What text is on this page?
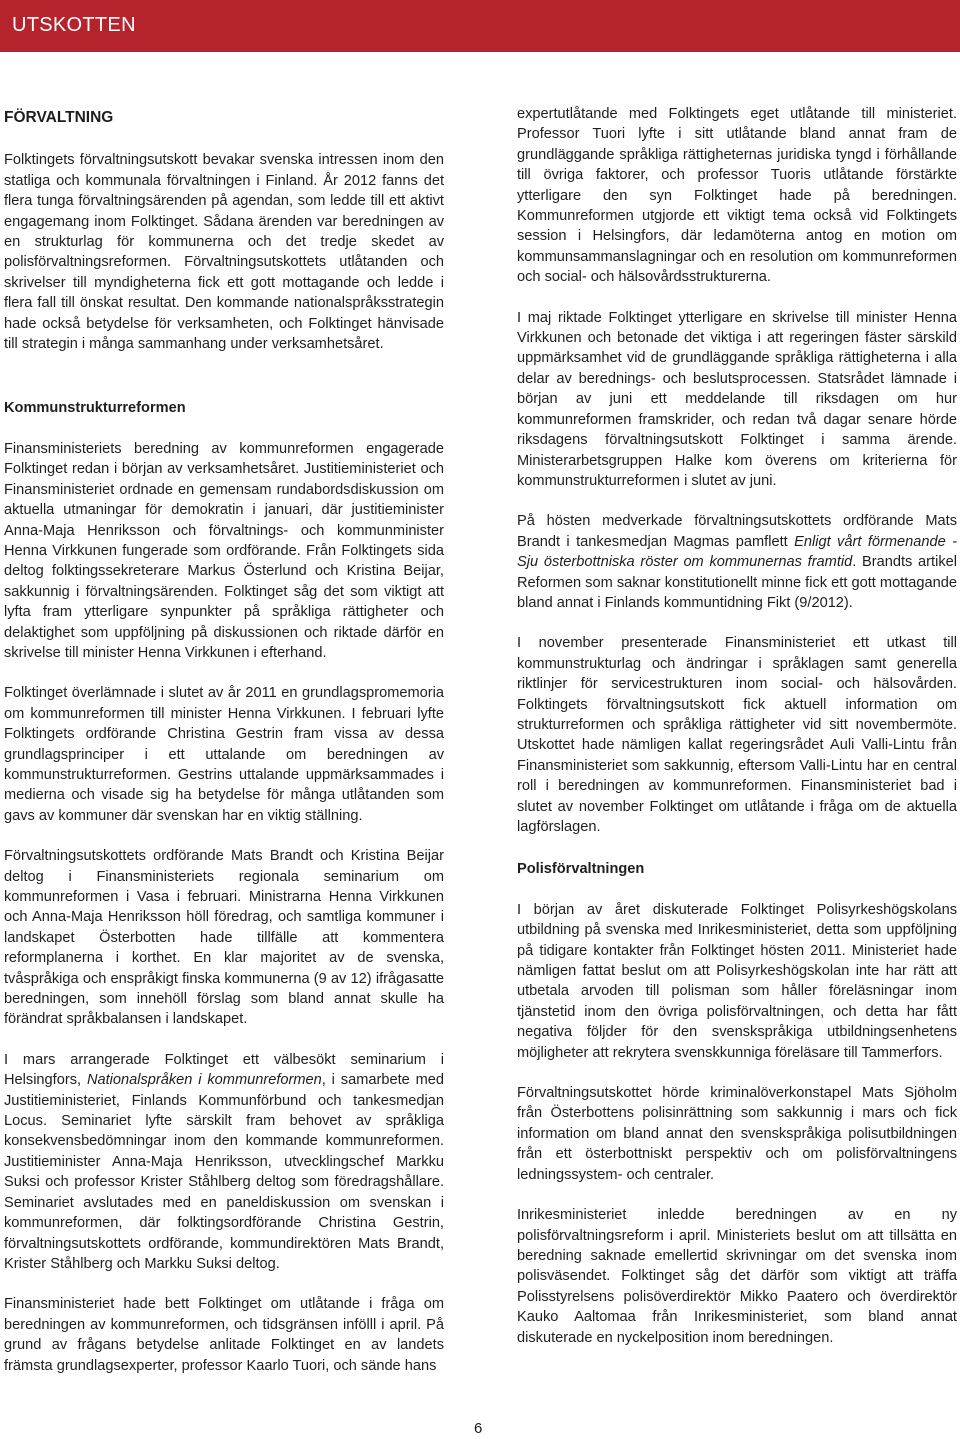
UTSKOTTEN
FÖRVALTNING

Folktingets förvaltningsutskott bevakar svenska intressen inom den statliga och kommunala förvaltningen i Finland. År 2012 fanns det flera tunga förvaltningsärenden på agendan, som ledde till ett aktivt engagemang inom Folktinget. Sådana ärenden var beredningen av en strukturlag för kommunerna och det tredje skedet av polisförvaltningsreformen. Förvaltningsutskottets utlåtanden och skrivelser till myndigheterna fick ett gott mottagande och ledde i flera fall till önskat resultat. Den kommande nationalspråksstrategin hade också betydelse för verksamheten, och Folktinget hänvisade till strategin i många sammanhang under verksamhetsåret.

Kommunstrukturreformen

Finansministeriets beredning av kommunreformen engagerade Folktinget redan i början av verksamhetsåret. Justitieministeriet och Finansministeriet ordnade en gemensam rundabordsdiskussion om aktuella utmaningar för demokratin i januari, där justitieminister Anna-Maja Henriksson och förvaltnings- och kommunminister Henna Virkkunen fungerade som ordförande. Från Folktingets sida deltog folktingssekreterare Markus Österlund och Kristina Beijar, sakkunnig i förvaltningsärenden. Folktinget såg det som viktigt att lyfta fram ytterligare synpunkter på språkliga rättigheter och delaktighet som uppföljning på diskussionen och riktade därför en skrivelse till minister Henna Virkkunen i efterhand.

Folktinget överlämnade i slutet av år 2011 en grundlagspromemoria om kommunreformen till minister Henna Virkkunen. I februari lyfte Folktingets ordförande Christina Gestrin fram vissa av dessa grundlagsprinciper i ett uttalande om beredningen av kommunstrukturreformen. Gestrins uttalande uppmärksammades i medierna och visade sig ha betydelse för många utlåtanden som gavs av kommuner där svenskan har en viktig ställning.

Förvaltningsutskottets ordförande Mats Brandt och Kristina Beijar deltog i Finansministeriets regionala seminarium om kommunreformen i Vasa i februari. Ministrarna Henna Virkkunen och Anna-Maja Henriksson höll föredrag, och samtliga kommuner i landskapet Österbotten hade tillfälle att kommentera reformplanerna i korthet. En klar majoritet av de svenska, tvåspråkiga och enspråkigt finska kommunerna (9 av 12) ifrågasatte beredningen, som innehöll förslag som bland annat skulle ha förändrat språkbalansen i landskapet.

I mars arrangerade Folktinget ett välbesökt seminarium i Helsingfors, Nationalspråken i kommunreformen, i samarbete med Justitieministeriet, Finlands Kommunförbund och tankesmedjan Locus. Seminariet lyfte särskilt fram behovet av språkliga konsekvensbedömningar inom den kommande kommunreformen. Justitieminister Anna-Maja Henriksson, utvecklingschef Markku Suksi och professor Krister Ståhlberg deltog som föredragshållare. Seminariet avslutades med en paneldiskussion om svenskan i kommunreformen, där folktingsordförande Christina Gestrin, förvaltningsutskottets ordförande, kommundirektören Mats Brandt, Krister Ståhlberg och Markku Suksi deltog.

Finansministeriet hade bett Folktinget om utlåtande i fråga om beredningen av kommunreformen, och tidsgränsen infölll i april. På grund av frågans betydelse anlitade Folktinget en av landets främsta grundlagsexperter, professor Kaarlo Tuori, och sände hans

expertutlåtande med Folktingets eget utlåtande till ministeriet. Professor Tuori lyfte i sitt utlåtande bland annat fram de grundläggande språkliga rättigheternas juridiska tyngd i förhållande till övriga faktorer, och professor Tuoris utlåtande förstärkte ytterligare den syn Folktinget hade på beredningen. Kommunreformen utgjorde ett viktigt tema också vid Folktingets session i Helsingfors, där ledamöterna antog en motion om kommunsammanslagningar och en resolution om kommunreformen och social- och hälsovårdsstrukturerna.

I maj riktade Folktinget ytterligare en skrivelse till minister Henna Virkkunen och betonade det viktiga i att regeringen fäster särskild uppmärksamhet vid de grundläggande språkliga rättigheterna i alla delar av berednings- och beslutsprocessen. Statsrådet lämnade i början av juni ett meddelande till riksdagen om hur kommunreformen framskrider, och redan två dagar senare hörde riksdagens förvaltningsutskott Folktinget i samma ärende. Ministerarbetsgruppen Halke kom överens om kriterierna för kommunstrukturreformen i slutet av juni.

På hösten medverkade förvaltningsutskottets ordförande Mats Brandt i tankesmedjan Magmas pamflett Enligt vårt förmenande - Sju österbottniska röster om kommunernas framtid. Brandts artikel Reformen som saknar konstitutionellt minne fick ett gott mottagande bland annat i Finlands kommuntidning Fikt (9/2012).

I november presenterade Finansministeriet ett utkast till kommunstrukturlag och ändringar i språklagen samt generella riktlinjer för servicestrukturen inom social- och hälsovården. Folktingets förvaltningsutskott fick aktuell information om strukturreformen och språkliga rättigheter vid sitt novembermöte. Utskottet hade nämligen kallat regeringsrådet Auli Valli-Lintu från Finansministeriet som sakkunnig, eftersom Valli-Lintu har en central roll i beredningen av kommunreformen. Finansministeriet bad i slutet av november Folktinget om utlåtande i fråga om de aktuella lagförslagen.

Polisförvaltningen

I början av året diskuterade Folktinget Polisyrkeshögskolans utbildning på svenska med Inrikesministeriet, detta som uppföljning på tidigare kontakter från Folktinget hösten 2011. Ministeriet hade nämligen fattat beslut om att Polisyrkeshögskolan inte har rätt att utbetala arvoden till polisman som håller föreläsningar inom tjänstetid inom den övriga polisförvaltningen, och detta har fått negativa följder för den svenskspråkiga utbildningsenhetens möjligheter att rekrytera svenskkunniga föreläsare till Tammerfors.

Förvaltningsutskottet hörde kriminalöverkonstapel Mats Sjöholm från Österbottens polisinrättning som sakkunnig i mars och fick information om bland annat den svenskspråkiga polisutbildningen från ett österbottniskt perspektiv och om polisförvaltningens ledningssystem- och centraler.

Inrikesministeriet inledde beredningen av en ny polisförvaltningsreform i april. Ministeriets beslut om att tillsätta en beredning saknade emellertid skrivningar om det svenska inom polisväsendet. Folktinget såg det därför som viktigt att träffa Polisstyrelsens polisöverdirektör Mikko Paatero och överdirektör Kauko Aaltomaa från Inrikesministeriet, som bland annat diskuterade en nyckelposition inom beredningen.

6
